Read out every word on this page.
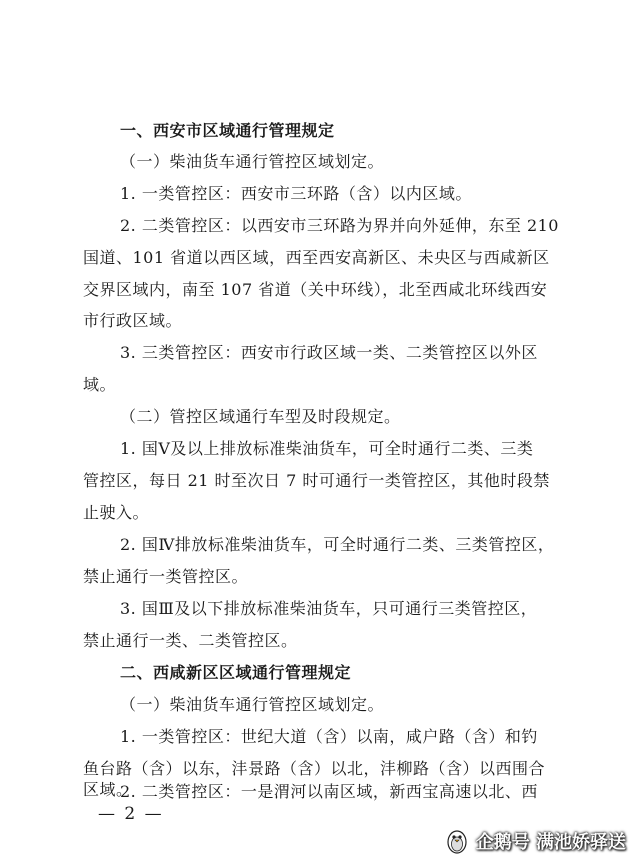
一、西安市区域通行管理规定
（一）柴油货车通行管控区域划定。
1. 一类管控区：西安市三环路（含）以内区域。
2. 二类管控区：以西安市三环路为界并向外延伸，东至 210
国道、101 省道以西区域，西至西安高新区、未央区与西咸新区
交界区域内，南至 107 省道（关中环线），北至西咸北环线西安
市行政区域。
3. 三类管控区：西安市行政区域一类、二类管控区以外区
域。
（二）管控区域通行车型及时段规定。
1. 国Ⅴ及以上排放标准柴油货车，可全时通行二类、三类
管控区，每日 21 时至次日 7 时可通行一类管控区，其他时段禁
止驶入。
2. 国Ⅳ排放标准柴油货车，可全时通行二类、三类管控区，
禁止通行一类管控区。
3. 国Ⅲ及以下排放标准柴油货车，只可通行三类管控区，
禁止通行一类、二类管控区。
二、西咸新区区域通行管理规定
（一）柴油货车通行管控区域划定。
1. 一类管控区：世纪大道（含）以南，咸户路（含）和钓
鱼台路（含）以东，沣景路（含）以北，沣柳路（含）以西围合
区域。
— 2 —
2. 二类管控区：一是渭河以南区域，新西宝高速以北、西
企鹅号 满池娇驿送
